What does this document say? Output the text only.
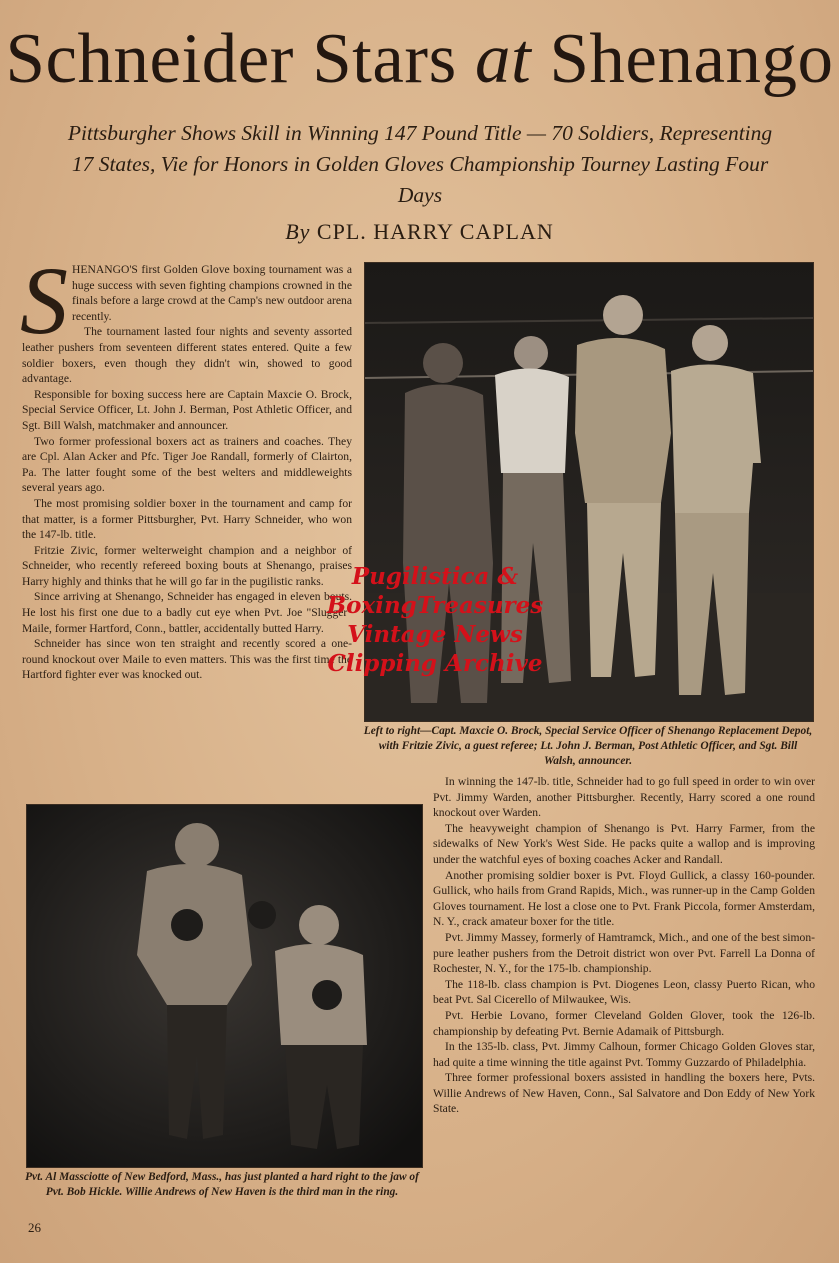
Schneider Stars at Shenango
Pittsburgher Shows Skill in Winning 147 Pound Title — 70 Soldiers, Representing 17 States, Vie for Honors in Golden Gloves Championship Tourney Lasting Four Days
By CPL. HARRY CAPLAN

SHENANGO'S first Golden Glove boxing tournament was a huge success with seven fighting champions crowned in the finals before a large crowd at the Camp's new outdoor arena recently.

The tournament lasted four nights and seventy assorted leather pushers from seventeen different states entered. Quite a few soldier boxers, even though they didn't win, showed to good advantage.

Responsible for boxing success here are Captain Maxcie O. Brock, Special Service Officer, Lt. John J. Berman, Post Athletic Officer, and Sgt. Bill Walsh, matchmaker and announcer.

Two former professional boxers act as trainers and coaches. They are Cpl. Alan Acker and Pfc. Tiger Joe Randall, formerly of Clairton, Pa. The latter fought some of the best welters and middleweights several years ago.

The most promising soldier boxer in the tournament and camp for that matter, is a former Pittsburgher, Pvt. Harry Schneider, who won the 147-lb. title.

Fritzie Zivic, former welterweight champion and a neighbor of Schneider, who recently refereed boxing bouts at Shenango, praises Harry highly and thinks that he will go far in the pugilistic ranks.

Since arriving at Shenango, Schneider has engaged in eleven bouts. He lost his first one due to a badly cut eye when Pvt. Joe "Slugger" Maile, former Hartford, Conn., battler, accidentally butted Harry.

Schneider has since won ten straight and recently scored a one-round knockout over Maile to even matters. This was the first time the Hartford fighter ever was knocked out.

Left to right—Capt. Maxcie O. Brock, Special Service Officer of Shenango Replacement Depot, with Fritzie Zivic, a guest referee; Lt. John J. Berman, Post Athletic Officer, and Sgt. Bill Walsh, announcer.
Pvt. Al Massciotte of New Bedford, Mass., has just planted a hard right to the jaw of Pvt. Bob Hickle. Willie Andrews of New Haven is the third man in the ring.

In winning the 147-lb. title, Schneider had to go full speed in order to win over Pvt. Jimmy Warden, another Pittsburgher. Recently, Harry scored a one round knockout over Warden.

The heavyweight champion of Shenango is Pvt. Harry Farmer, from the sidewalks of New York's West Side. He packs quite a wallop and is improving under the watchful eyes of boxing coaches Acker and Randall.

Another promising soldier boxer is Pvt. Floyd Gullick, a classy 160-pounder. Gullick, who hails from Grand Rapids, Mich., was runner-up in the Camp Golden Gloves tournament. He lost a close one to Pvt. Frank Piccola, former Amsterdam, N. Y., crack amateur boxer for the title.

Pvt. Jimmy Massey, formerly of Hamtramck, Mich., and one of the best simon-pure leather pushers from the Detroit district won over Pvt. Farrell La Donna of Rochester, N. Y., for the 175-lb. championship.

The 118-lb. class champion is Pvt. Diogenes Leon, classy Puerto Rican, who beat Pvt. Sal Cicerello of Milwaukee, Wis.

Pvt. Herbie Lovano, former Cleveland Golden Glover, took the 126-lb. championship by defeating Pvt. Bernie Adamaik of Pittsburgh.

In the 135-lb. class, Pvt. Jimmy Calhoun, former Chicago Golden Gloves star, had quite a time winning the title against Pvt. Tommy Guzzardo of Philadelphia.

Three former professional boxers assisted in handling the boxers here, Pvts. Willie Andrews of New Haven, Conn., Sal Salvatore and Don Eddy of New York State.

Pugilistica &
BoxingTreasures
Vintage News
Clipping Archive
26
